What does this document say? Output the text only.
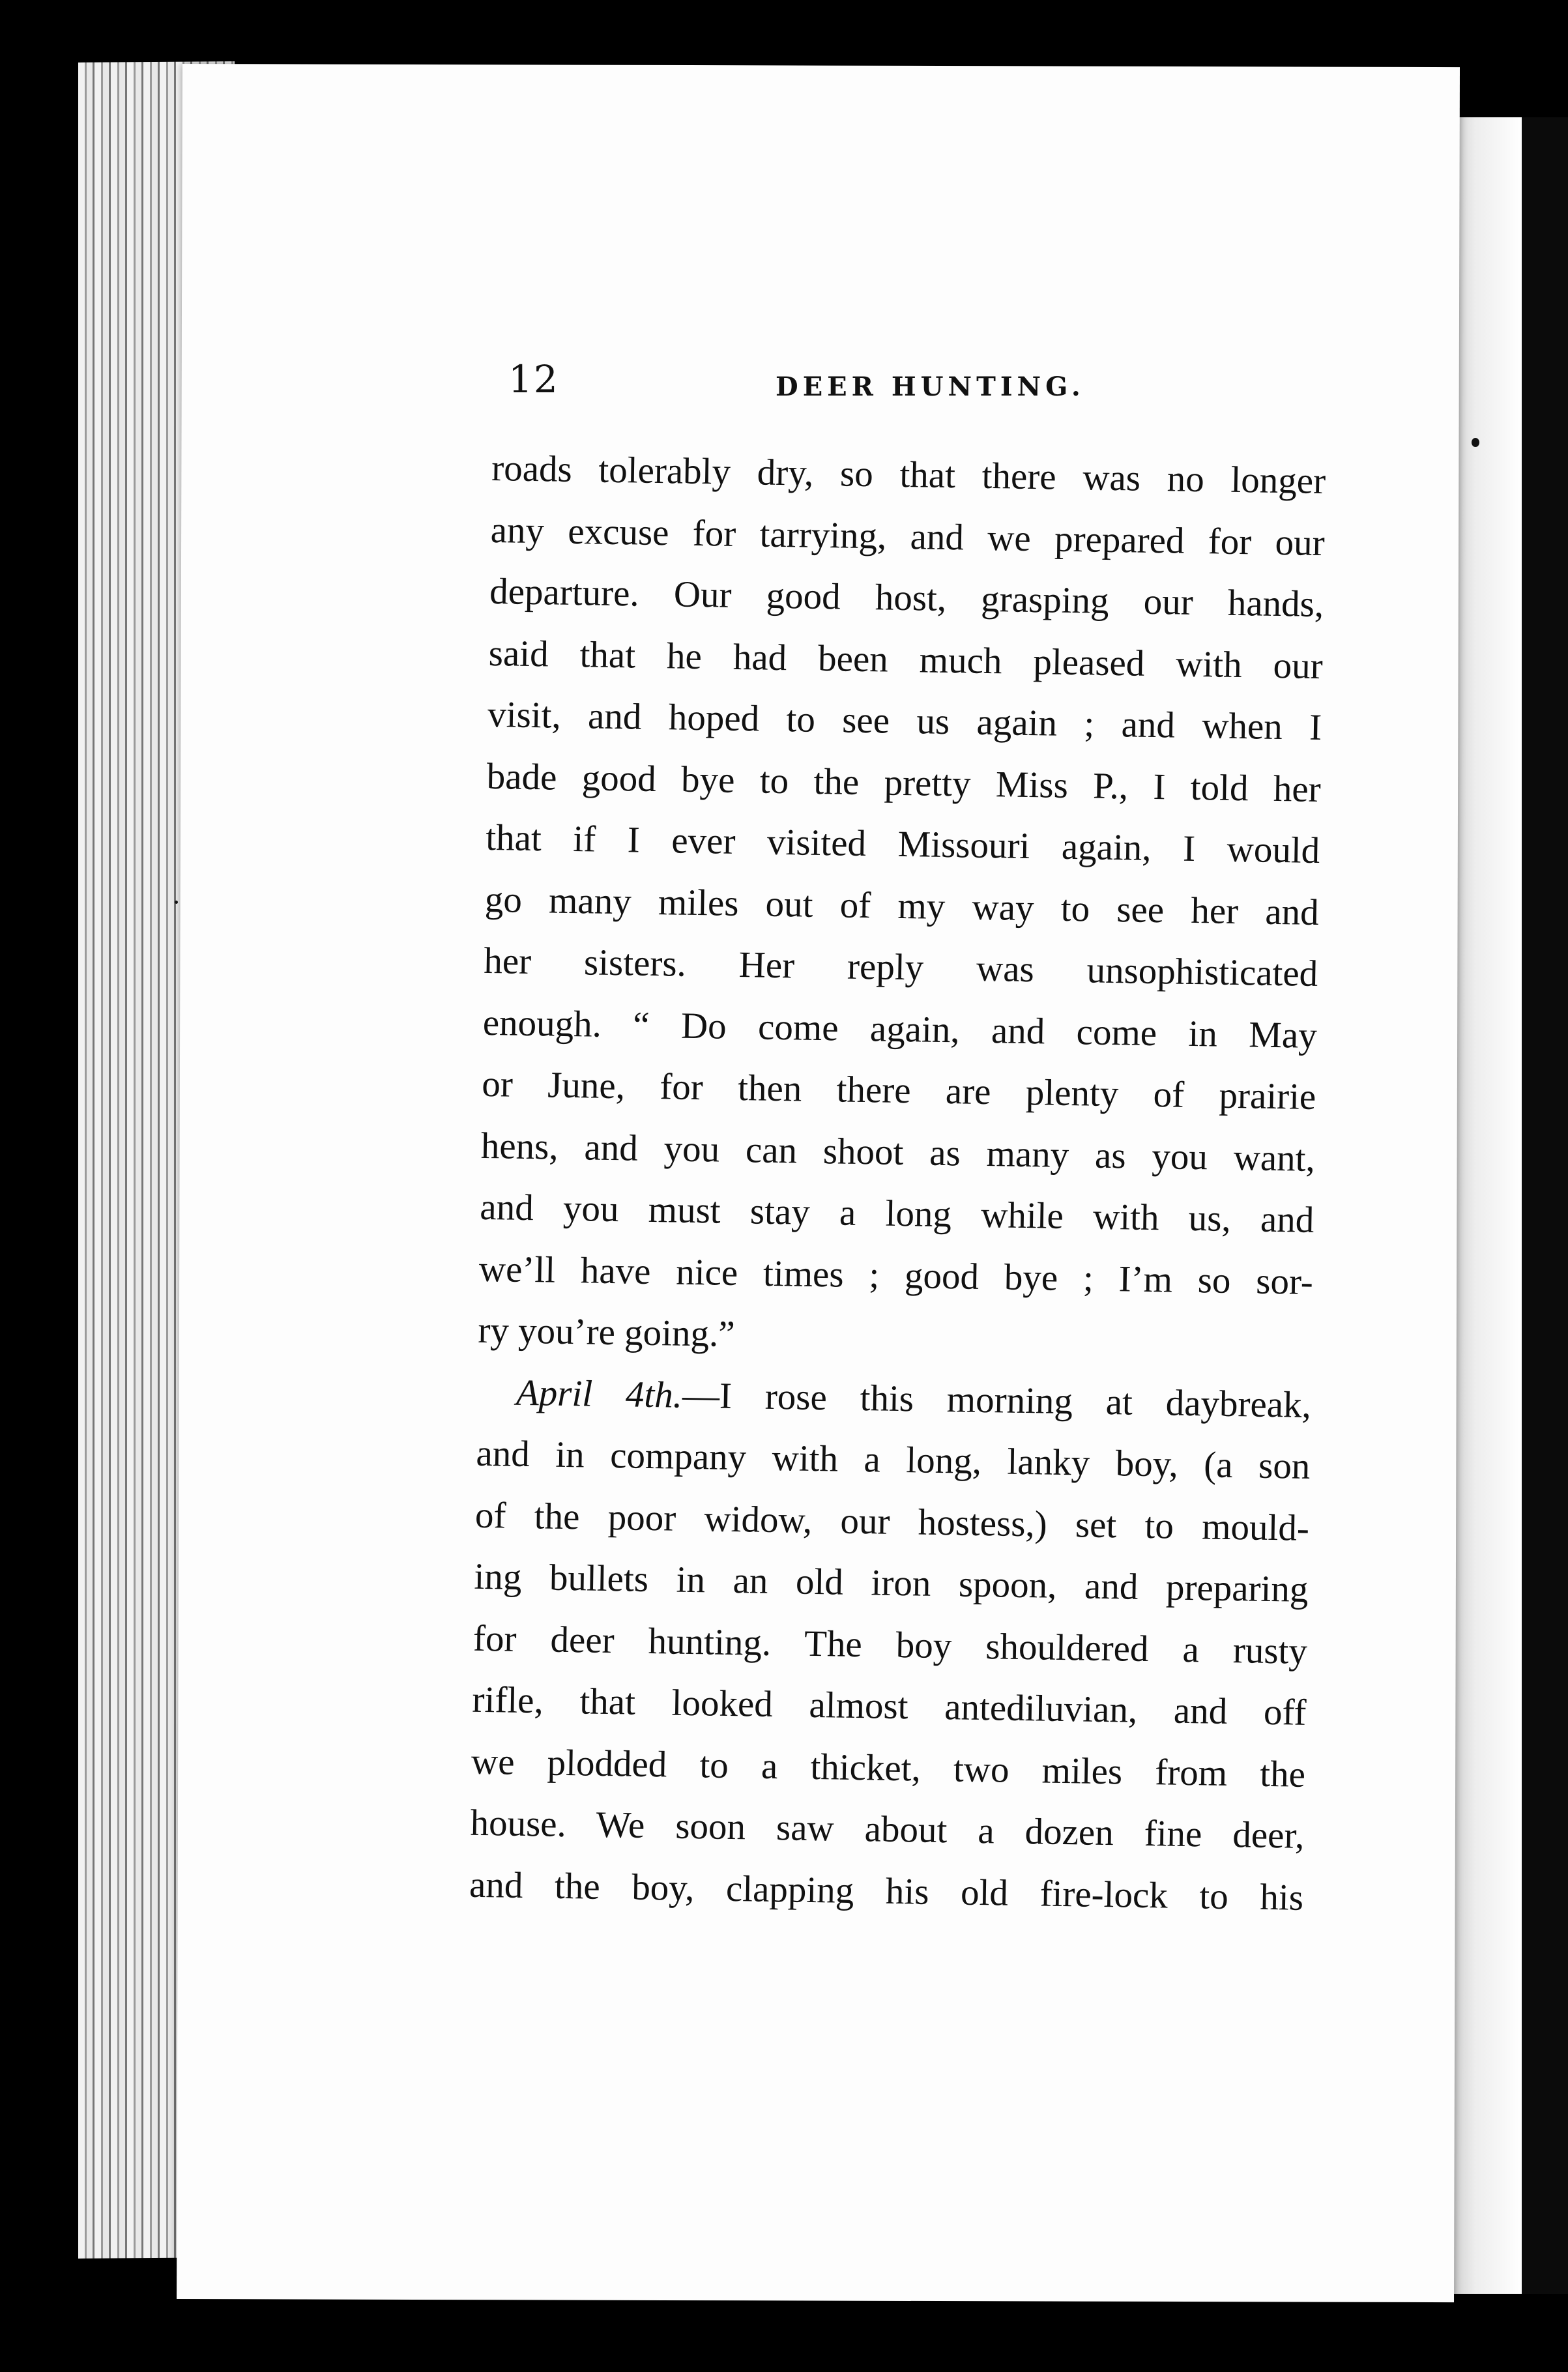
12	DEER HUNTING.
roads tolerably dry, so that there was no longer
any excuse for tarrying, and we prepared for our
departure. Our good host, grasping our hands,
said that he had been much pleased with our
visit, and hoped to see us again ; and when I
bade good bye to the pretty Miss P., I told her
that if I ever visited Missouri again, I would
go many miles out of my way to see her and
her sisters. Her reply was unsophisticated
enough. “ Do come again, and come in May
or June, for then there are plenty of prairie
hens, and you can shoot as many as you want,
and you must stay a long while with us, and
we’ll have nice times ; good bye ; I’m so sor-
ry you’re going.”
April 4th.—I rose this morning at daybreak,
and in company with a long, lanky boy, (a son
of the poor widow, our hostess,) set to mould-
ing bullets in an old iron spoon, and preparing
for deer hunting. The boy shouldered a rusty
rifle, that looked almost antediluvian, and off
we plodded to a thicket, two miles from the
house. We soon saw about a dozen fine deer,
and the boy, clapping his old fire-lock to his
